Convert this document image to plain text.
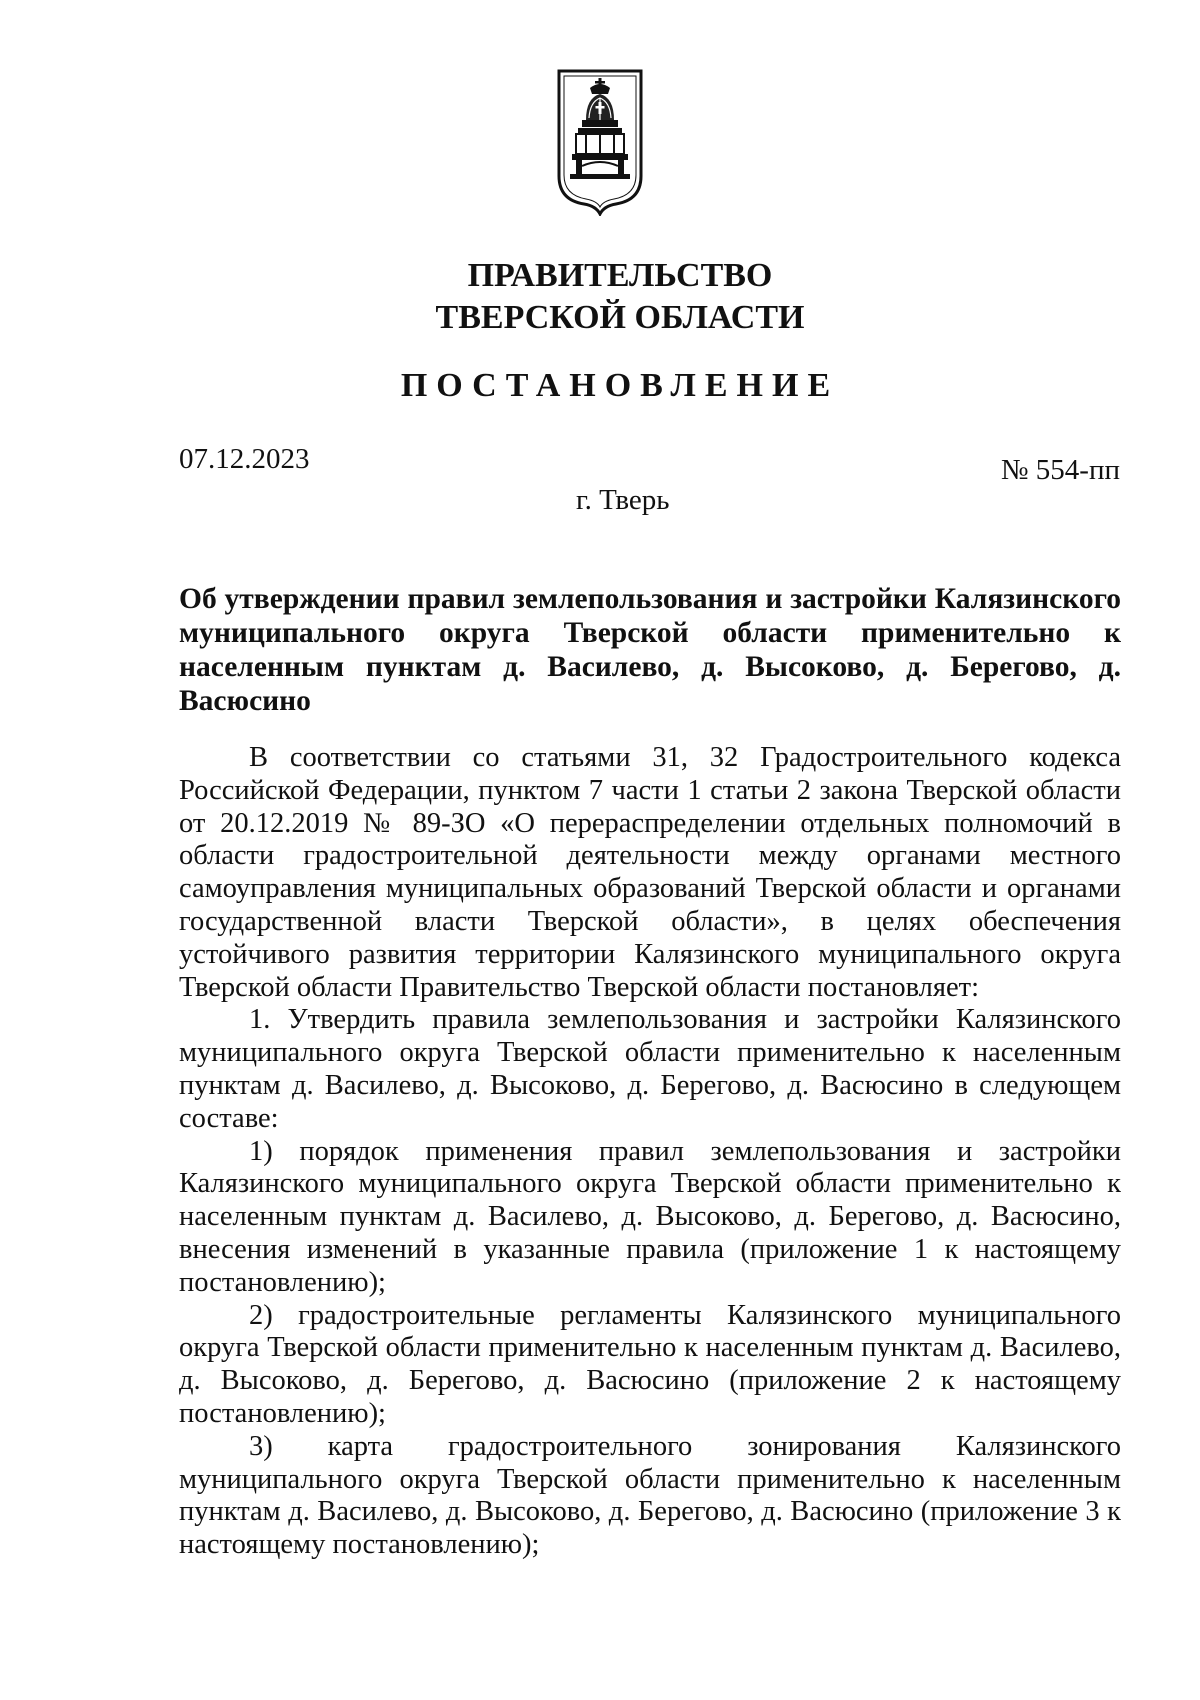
ПРАВИТЕЛЬСТВО
ТВЕРСКОЙ ОБЛАСТИ
ПОСТАНОВЛЕНИЕ
07.12.2023	№ 554-пп
г. Тверь
Об утверждении правил землепользования и застройки Калязинского муниципального округа Тверской области применительно к населенным пунктам д. Василево, д. Высоково, д. Берегово, д. Васюсино

В соответствии со статьями 31, 32 Градостроительного кодекса Российской Федерации, пунктом 7 части 1 статьи 2 закона Тверской области от 20.12.2019 № 89-ЗО «О перераспределении отдельных полномочий в области градостроительной деятельности между органами местного самоуправления муниципальных образований Тверской области и органами государственной власти Тверской области», в целях обеспечения устойчивого развития территории Калязинского муниципального округа Тверской области Правительство Тверской области постановляет:

1. Утвердить правила землепользования и застройки Калязинского муниципального округа Тверской области применительно к населенным пунктам д. Василево, д. Высоково, д. Берегово, д. Васюсино в следующем составе:

1) порядок применения правил землепользования и застройки Калязинского муниципального округа Тверской области применительно к населенным пунктам д. Василево, д. Высоково, д. Берегово, д. Васюсино, внесения изменений в указанные правила (приложение 1 к настоящему постановлению);

2) градостроительные регламенты Калязинского муниципального округа Тверской области применительно к населенным пунктам д. Василево, д. Высоково, д. Берегово, д. Васюсино (приложение 2 к настоящему постановлению);

3) карта градостроительного зонирования Калязинского муниципального округа Тверской области применительно к населенным пунктам д. Василево, д. Высоково, д. Берегово, д. Васюсино (приложение 3 к настоящему постановлению);
